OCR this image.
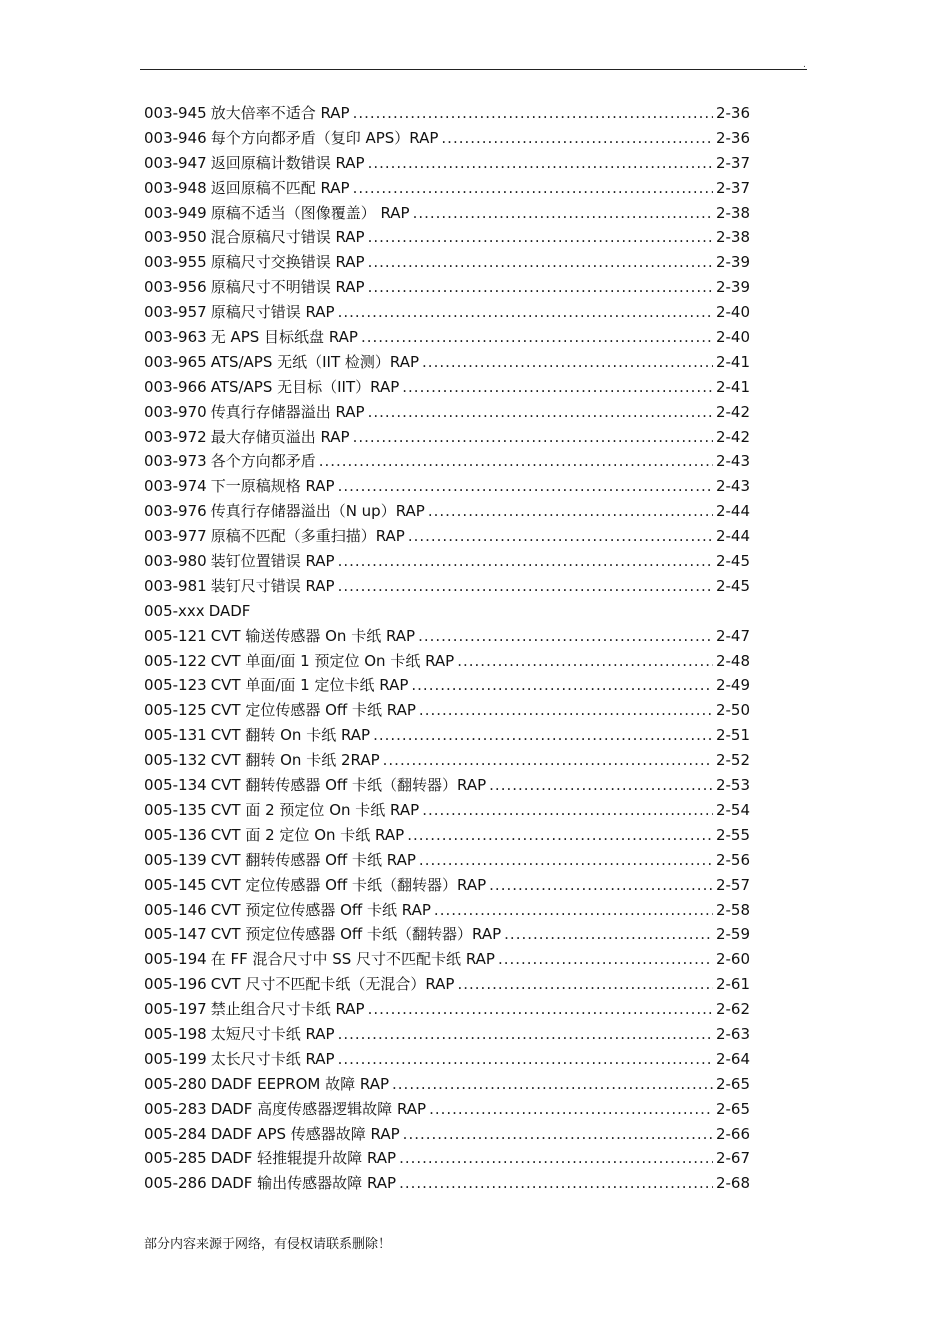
.
003-945 放大倍率不适合 RAP .....	2-36
003-946 每个方向都矛盾（复印 APS）RAP .....	2-36
003-947 返回原稿计数错误 RAP .....	2-37
003-948 返回原稿不匹配 RAP .....	2-37
003-949 原稿不适当（图像覆盖） RAP .....	2-38
003-950 混合原稿尺寸错误 RAP .....	2-38
003-955 原稿尺寸交换错误 RAP .....	2-39
003-956 原稿尺寸不明错误 RAP .....	2-39
003-957 原稿尺寸错误 RAP .....	2-40
003-963 无 APS 目标纸盘 RAP .....	2-40
003-965 ATS/APS 无纸（IIT 检测）RAP .....	2-41
003-966 ATS/APS 无目标（IIT）RAP .....	2-41
003-970 传真行存储器溢出 RAP .....	2-42
003-972 最大存储页溢出 RAP .....	2-42
003-973 各个方向都矛盾 .....	2-43
003-974 下一原稿规格 RAP .....	2-43
003-976 传真行存储器溢出（N up）RAP .....	2-44
003-977 原稿不匹配（多重扫描）RAP .....	2-44
003-980 装钉位置错误 RAP .....	2-45
003-981 装钉尺寸错误 RAP .....	2-45
005-xxx DADF
005-121 CVT 输送传感器 On 卡纸 RAP .....	2-47
005-122 CVT 单面/面 1 预定位 On 卡纸 RAP .....	2-48
005-123 CVT 单面/面 1 定位卡纸 RAP .....	2-49
005-125 CVT 定位传感器 Off 卡纸 RAP .....	2-50
005-131 CVT 翻转 On 卡纸 RAP .....	2-51
005-132 CVT 翻转 On 卡纸 2RAP .....	2-52
005-134 CVT 翻转传感器 Off 卡纸（翻转器）RAP .....	2-53
005-135 CVT 面 2 预定位 On 卡纸 RAP .....	2-54
005-136 CVT 面 2 定位 On 卡纸 RAP .....	2-55
005-139 CVT 翻转传感器 Off 卡纸 RAP .....	2-56
005-145 CVT 定位传感器 Off 卡纸（翻转器）RAP .....	2-57
005-146 CVT 预定位传感器 Off 卡纸 RAP .....	2-58
005-147 CVT 预定位传感器 Off 卡纸（翻转器）RAP .....	2-59
005-194 在 FF 混合尺寸中 SS 尺寸不匹配卡纸 RAP .....	2-60
005-196 CVT 尺寸不匹配卡纸（无混合）RAP .....	2-61
005-197 禁止组合尺寸卡纸 RAP .....	2-62
005-198 太短尺寸卡纸 RAP .....	2-63
005-199 太长尺寸卡纸 RAP .....	2-64
005-280 DADF EEPROM 故障 RAP .....	2-65
005-283 DADF 高度传感器逻辑故障 RAP .....	2-65
005-284 DADF APS 传感器故障 RAP .....	2-66
005-285 DADF 轻推辊提升故障 RAP .....	2-67
005-286 DADF 输出传感器故障 RAP .....	2-68
部分内容来源于网络，有侵权请联系删除！
